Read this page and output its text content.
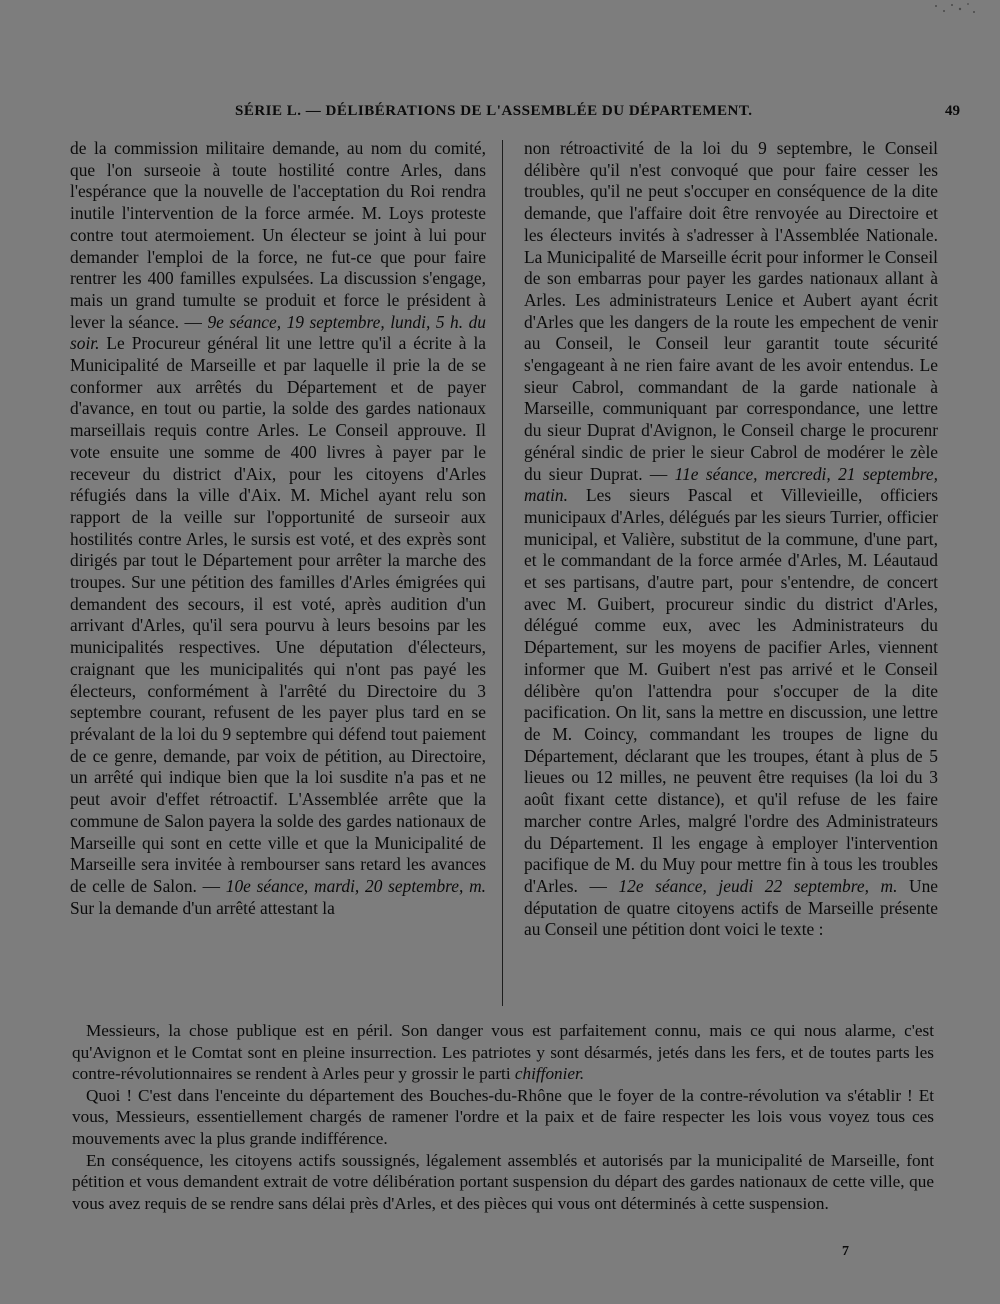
SÉRIE L. — DÉLIBÉRATIONS DE L'ASSEMBLÉE DU DÉPARTEMENT.	49
de la commission militaire demande, au nom du comité, que l'on surseoie à toute hostilité contre Arles, dans l'espérance que la nouvelle de l'acceptation du Roi rendra inutile l'intervention de la force armée. M. Loys proteste contre tout atermoiement. Un électeur se joint à lui pour demander l'emploi de la force, ne fut-ce que pour faire rentrer les 400 familles expulsées. La discussion s'engage, mais un grand tumulte se produit et force le président à lever la séance. — 9e séance, 19 septembre, lundi, 5 h. du soir. Le Procureur général lit une lettre qu'il a écrite à la Municipalité de Marseille et par laquelle il prie la de se conformer aux arrêtés du Département et de payer d'avance, en tout ou partie, la solde des gardes nationaux marseillais requis contre Arles. Le Conseil approuve. Il vote ensuite une somme de 400 livres à payer par le receveur du district d'Aix, pour les citoyens d'Arles réfugiés dans la ville d'Aix. M. Michel ayant relu son rapport de la veille sur l'opportunité de surseoir aux hostilités contre Arles, le sursis est voté, et des exprès sont dirigés par tout le Département pour arrêter la marche des troupes. Sur une pétition des familles d'Arles émigrées qui demandent des secours, il est voté, après audition d'un arrivant d'Arles, qu'il sera pourvu à leurs besoins par les municipalités respectives. Une députation d'électeurs, craignant que les municipalités qui n'ont pas payé les électeurs, conformément à l'arrêté du Directoire du 3 septembre courant, refusent de les payer plus tard en se prévalant de la loi du 9 septembre qui défend tout paiement de ce genre, demande, par voix de pétition, au Directoire, un arrêté qui indique bien que la loi susdite n'a pas et ne peut avoir d'effet rétroactif. L'Assemblée arrête que la commune de Salon payera la solde des gardes nationaux de Marseille qui sont en cette ville et que la Municipalité de Marseille sera invitée à rembourser sans retard les avances de celle de Salon. — 10e séance, mardi, 20 septembre, m. Sur la demande d'un arrêté attestant la
non rétroactivité de la loi du 9 septembre, le Conseil délibère qu'il n'est convoqué que pour faire cesser les troubles, qu'il ne peut s'occuper en conséquence de la dite demande, que l'affaire doit être renvoyée au Directoire et les électeurs invités à s'adresser à l'Assemblée Nationale. La Municipalité de Marseille écrit pour informer le Conseil de son embarras pour payer les gardes nationaux allant à Arles. Les administrateurs Lenice et Aubert ayant écrit d'Arles que les dangers de la route les empechent de venir au Conseil, le Conseil leur garantit toute sécurité s'engageant à ne rien faire avant de les avoir entendus. Le sieur Cabrol, commandant de la garde nationale à Marseille, communiquant par correspondance, une lettre du sieur Duprat d'Avignon, le Conseil charge le procurenr général sindic de prier le sieur Cabrol de modérer le zèle du sieur Duprat. — 11e séance, mercredi, 21 septembre, matin. Les sieurs Pascal et Villevieille, officiers municipaux d'Arles, délégués par les sieurs Turrier, officier municipal, et Valière, substitut de la commune, d'une part, et le commandant de la force armée d'Arles, M. Léautaud et ses partisans, d'autre part, pour s'entendre, de concert avec M. Guibert, procureur sindic du district d'Arles, délégué comme eux, avec les Administrateurs du Département, sur les moyens de pacifier Arles, viennent informer que M. Guibert n'est pas arrivé et le Conseil délibère qu'on l'attendra pour s'occuper de la dite pacification. On lit, sans la mettre en discussion, une lettre de M. Coincy, commandant les troupes de ligne du Département, déclarant que les troupes, étant à plus de 5 lieues ou 12 milles, ne peuvent être requises (la loi du 3 août fixant cette distance), et qu'il refuse de les faire marcher contre Arles, malgré l'ordre des Administrateurs du Département. Il les engage à employer l'intervention pacifique de M. du Muy pour mettre fin à tous les troubles d'Arles. — 12e séance, jeudi 22 septembre, m. Une députation de quatre citoyens actifs de Marseille présente au Conseil une pétition dont voici le texte :

Messieurs, la chose publique est en péril. Son danger vous est parfaitement connu, mais ce qui nous alarme, c'est qu'Avignon et le Comtat sont en pleine insurrection. Les patriotes y sont désarmés, jetés dans les fers, et de toutes parts les contre-révolutionnaires se rendent à Arles peur y grossir le parti chiffonier.

Quoi ! C'est dans l'enceinte du département des Bouches-du-Rhône que le foyer de la contre-révolution va s'établir ! Et vous, Messieurs, essentiellement chargés de ramener l'ordre et la paix et de faire respecter les lois vous voyez tous ces mouvements avec la plus grande indifférence.

En conséquence, les citoyens actifs soussignés, légalement assemblés et autorisés par la municipalité de Marseille, font pétition et vous demandent extrait de votre délibération portant suspension du départ des gardes nationaux de cette ville, que vous avez requis de se rendre sans délai près d'Arles, et des pièces qui vous ont déterminés à cette suspension.

7
